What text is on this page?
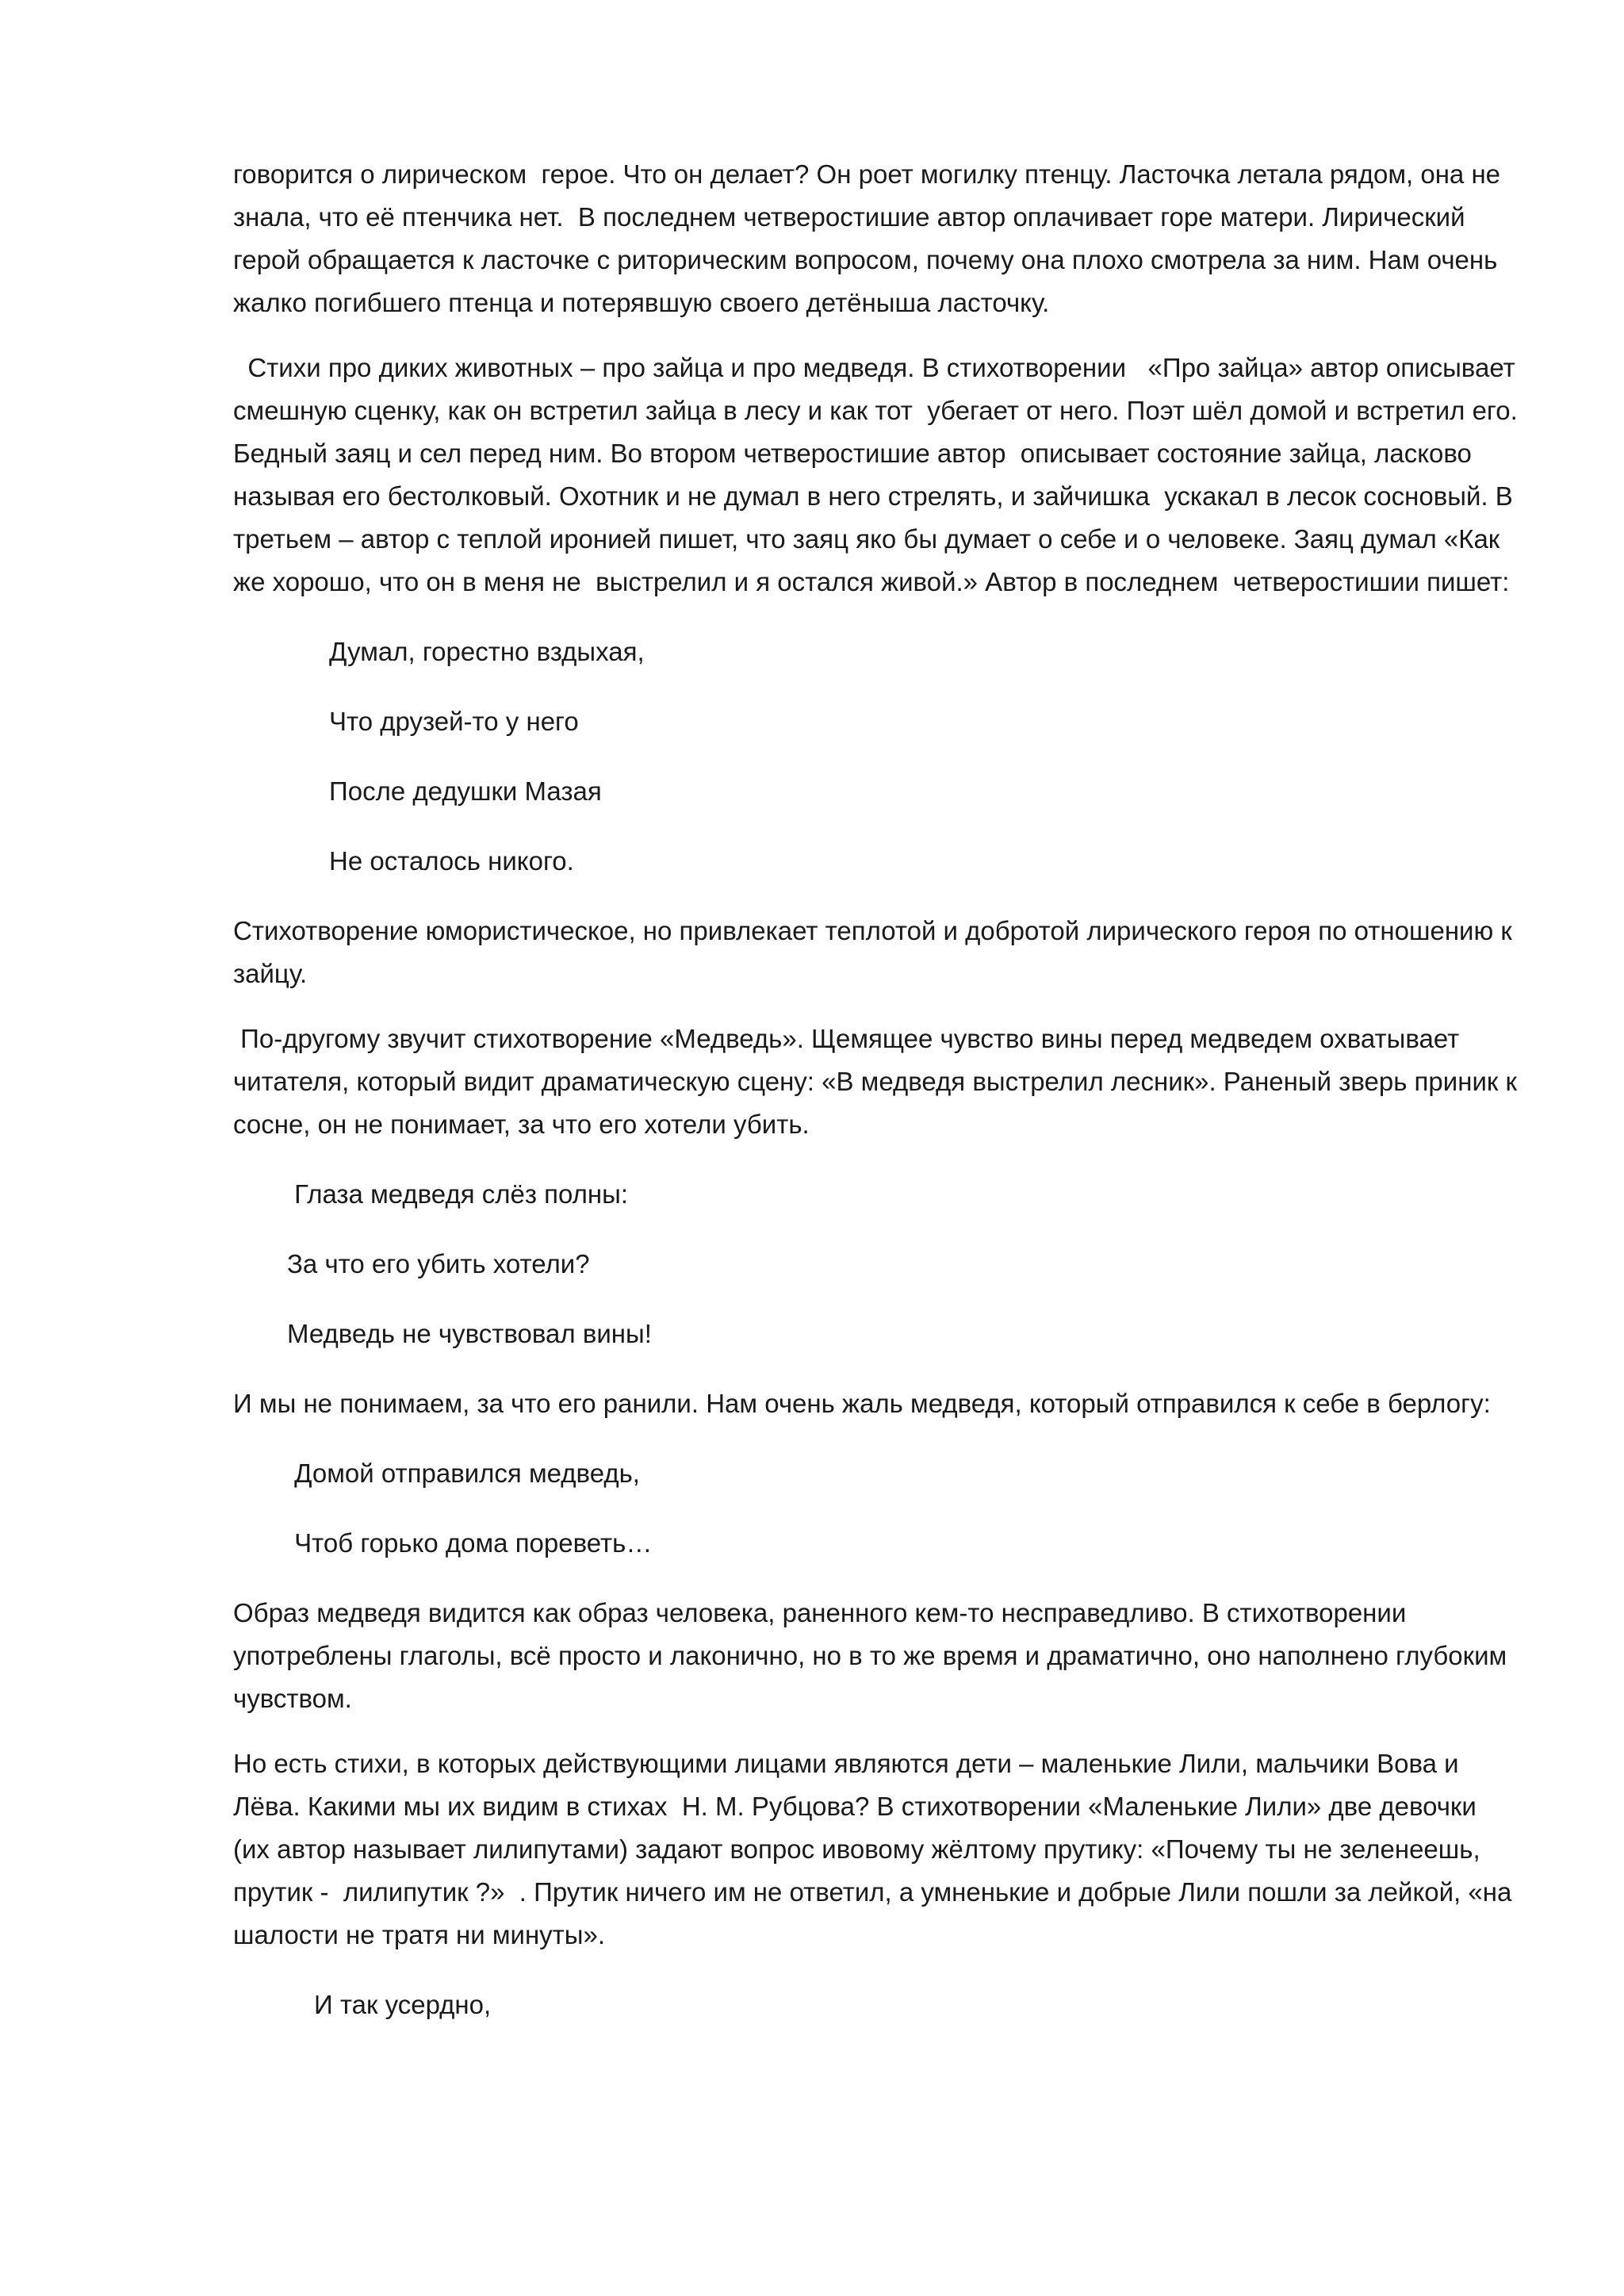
говорится о лирическом  герое. Что он делает? Он роет могилку птенцу. Ласточка летала рядом, она не знала, что её птенчика нет.  В последнем четверостишие автор оплачивает горе матери. Лирический герой обращается к ласточке с риторическим вопросом, почему она плохо смотрела за ним. Нам очень жалко погибшего птенца и потерявшую своего детёныша ласточку.

Стихи про диких животных – про зайца и про медведя. В стихотворении   «Про зайца» автор описывает смешную сценку, как он встретил зайца в лесу и как тот  убегает от него. Поэт шёл домой и встретил его. Бедный заяц и сел перед ним. Во втором четверостишие автор  описывает состояние зайца, ласково называя его бестолковый. Охотник и не думал в него стрелять, и зайчишка  ускакал в лесок сосновый. В третьем – автор с теплой иронией пишет, что заяц яко бы думает о себе и о человеке. Заяц думал «Как же хорошо, что он в меня не  выстрелил и я остался живой.» Автор в последнем  четверостишии пишет:

Думал, горестно вздыхая,

Что друзей-то у него

После дедушки Мазая

Не осталось никого.

Стихотворение юмористическое, но привлекает теплотой и добротой лирического героя по отношению к зайцу.

По-другому звучит стихотворение «Медведь». Щемящее чувство вины перед медведем охватывает читателя, который видит драматическую сцену: «В медведя выстрелил лесник». Раненый зверь приник к сосне, он не понимает, за что его хотели убить.

Глаза медведя слёз полны:

За что его убить хотели?

Медведь не чувствовал вины!

И мы не понимаем, за что его ранили. Нам очень жаль медведя, который отправился к себе в берлогу:

Домой отправился медведь,

Чтоб горько дома пореветь…

Образ медведя видится как образ человека, раненного кем-то несправедливо. В стихотворении употреблены глаголы, всё просто и лаконично, но в то же время и драматично, оно наполнено глубоким чувством.

Но есть стихи, в которых действующими лицами являются дети – маленькие Лили, мальчики Вова и Лёва. Какими мы их видим в стихах  Н. М. Рубцова? В стихотворении «Маленькие Лили» две девочки (их автор называет лилипутами) задают вопрос ивовому жёлтому прутику: «Почему ты не зеленеешь,  прутик -  лилипутик ?»  . Прутик ничего им не ответил, а умненькие и добрые Лили пошли за лейкой, «на шалости не тратя ни минуты».

И так усердно,
